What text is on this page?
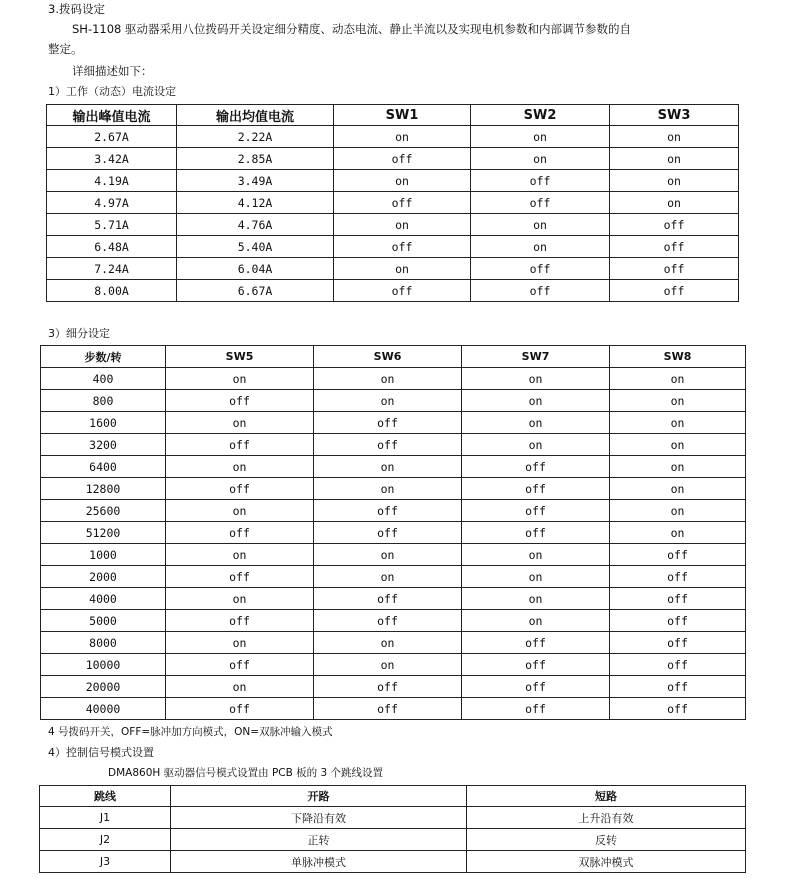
3.拨码设定
SH-1108 驱动器采用八位拨码开关设定细分精度、动态电流、静止半流以及实现电机参数和内部调节参数的自
整定。
详细描述如下：
1）工作（动态）电流设定
输出峰值电流	输出均值电流	SW1	SW2	SW3
2.67A	2.22A	on	on	on
3.42A	2.85A	off	on	on
4.19A	3.49A	on	off	on
4.97A	4.12A	off	off	on
5.71A	4.76A	on	on	off
6.48A	5.40A	off	on	off
7.24A	6.04A	on	off	off
8.00A	6.67A	off	off	off
3）细分设定
步数/转	SW5	SW6	SW7	SW8
400	on	on	on	on
800	off	on	on	on
1600	on	off	on	on
3200	off	off	on	on
6400	on	on	off	on
12800	off	on	off	on
25600	on	off	off	on
51200	off	off	off	on
1000	on	on	on	off
2000	off	on	on	off
4000	on	off	on	off
5000	off	off	on	off
8000	on	on	off	off
10000	off	on	off	off
20000	on	off	off	off
40000	off	off	off	off
4 号拨码开关，OFF=脉冲加方向模式，ON=双脉冲输入模式
4）控制信号模式设置
DMA860H 驱动器信号模式设置由 PCB 板的 3 个跳线设置
跳线	开路	短路
J1	下降沿有效	上升沿有效
J2	正转	反转
J3	单脉冲模式	双脉冲模式
